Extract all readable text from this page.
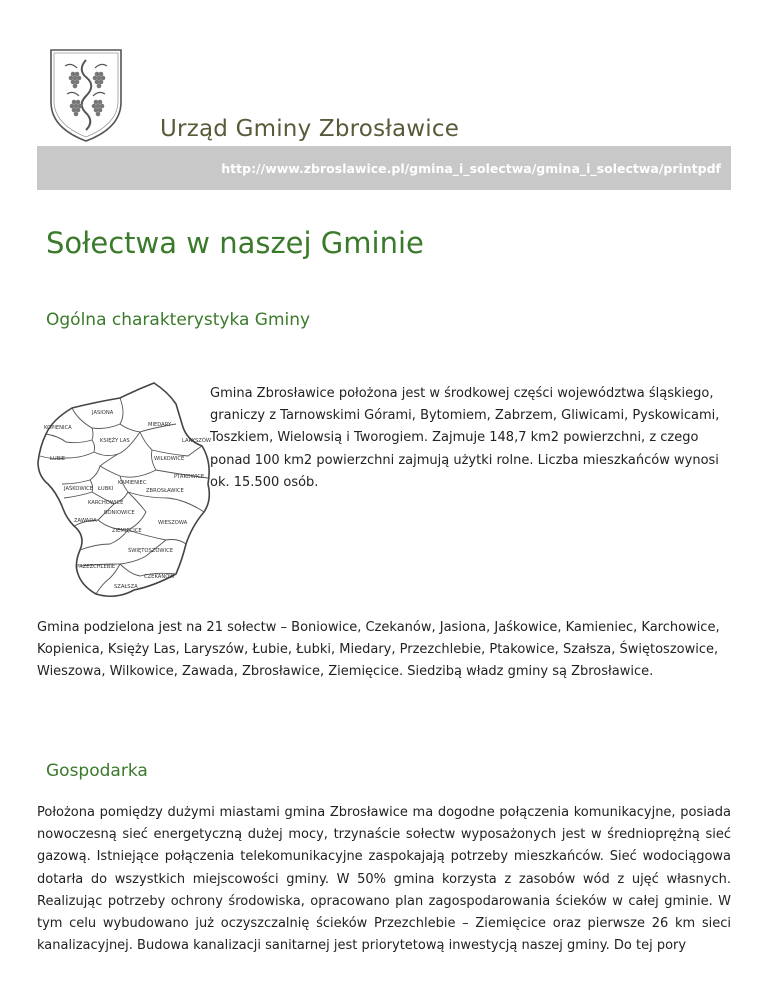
Urząd Gminy Zbrosławice
http://www.zbroslawice.pl/gmina_i_solectwa/gmina_i_solectwa/printpdf
Sołectwa w naszej Gminie
Ogólna charakterystyka Gminy
JASIONA
MIEDARY
KOPIENICA
KSIĘŻY LAS	LARYSZÓW
ŁUBIE	WILKOWICE
PTAKOWICE
KAMIENIEC
JAŚKOWICE ŁUBKI	ZBROSŁAWICE
KARCHOWICE
BONIOWICE
ZAWADA	WIESZOWA
ZIEMIĘCICE
ŚWIĘTOSZOWICE
PRZEZCHLEBIE
CZEKANÓW
SZAŁSZA
Gmina Zbrosławice położona jest w środkowej części województwa śląskiego, graniczy z Tarnowskimi Górami, Bytomiem, Zabrzem, Gliwicami, Pyskowicami, Toszkiem, Wielowsią i Tworogiem. Zajmuje 148,7 km2 powierzchni, z czego ponad 100 km2 powierzchni zajmują użytki rolne. Liczba mieszkańców wynosi ok. 15.500 osób.
Gmina podzielona jest na 21 sołectw – Boniowice, Czekanów, Jasiona, Jaśkowice, Kamieniec, Karchowice, Kopienica, Księży Las, Laryszów, Łubie, Łubki, Miedary, Przezchlebie, Ptakowice, Szałsza, Świętoszowice, Wieszowa, Wilkowice, Zawada, Zbrosławice, Ziemięcice. Siedzibą władz gminy są Zbrosławice.
Gospodarka
Położona pomiędzy dużymi miastami gmina Zbrosławice ma dogodne połączenia komunikacyjne, posiada nowoczesną sieć energetyczną dużej mocy, trzynaście sołectw wyposażonych jest w średnioprężną sieć gazową. Istniejące połączenia telekomunikacyjne zaspokajają potrzeby mieszkańców. Sieć wodociągowa dotarła do wszystkich miejscowości gminy. W 50% gmina korzysta z zasobów wód z ujęć własnych. Realizując potrzeby ochrony środowiska, opracowano plan zagospodarowania ścieków w całej gminie. W tym celu wybudowano już oczyszczalnię ścieków Przezchlebie – Ziemięcice oraz pierwsze 26 km sieci kanalizacyjnej. Budowa kanalizacji sanitarnej jest priorytetową inwestycją naszej gminy. Do tej pory
